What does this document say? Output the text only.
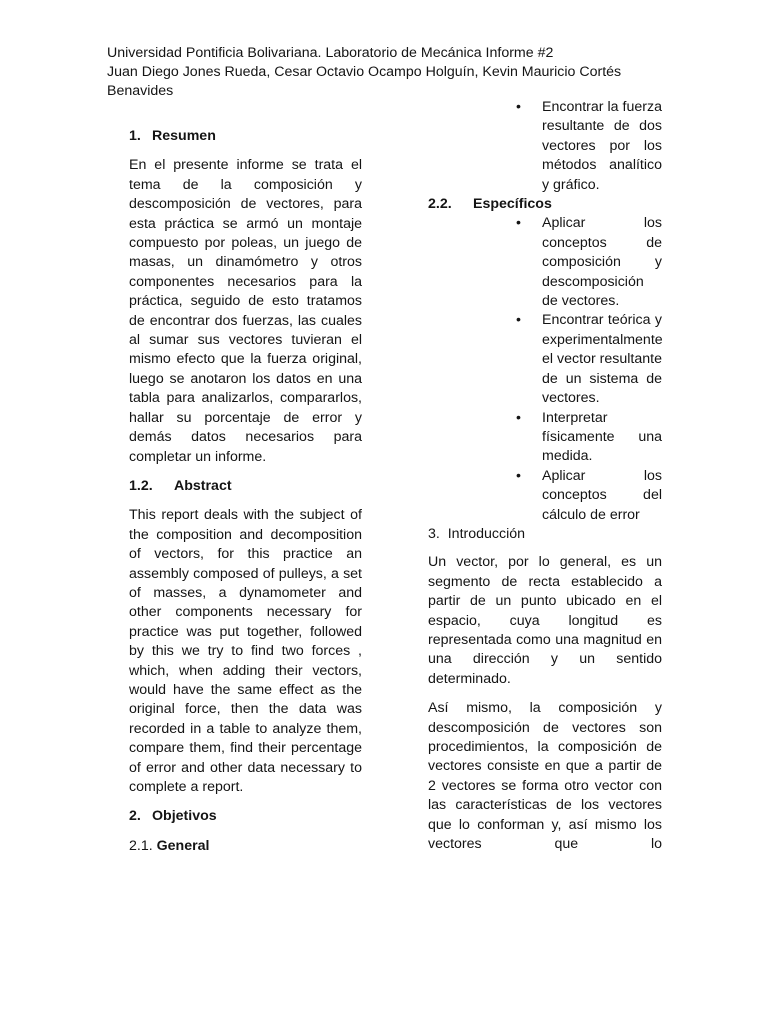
Universidad Pontificia Bolivariana. Laboratorio de Mecánica Informe #2
Juan Diego Jones Rueda, Cesar Octavio Ocampo Holguín, Kevin Mauricio Cortés
Benavides
1. Resumen

En el presente informe se trata el tema de la composición y descomposición de vectores, para esta práctica se armó un montaje compuesto por poleas, un juego de masas, un dinamómetro y otros componentes necesarios para la práctica, seguido de esto tratamos de encontrar dos fuerzas, las cuales al sumar sus vectores tuvieran el mismo efecto que la fuerza original, luego se anotaron los datos en una tabla para analizarlos, compararlos, hallar su porcentaje de error y demás datos necesarios para completar un informe.

1.2. Abstract

This report deals with the subject of the composition and decomposition of vectors, for this practice an assembly composed of pulleys, a set of masses, a dynamometer and other components necessary for practice was put together, followed by this we try to find two forces , which, when adding their vectors, would have the same effect as the original force, then the data was recorded in a table to analyze them, compare them, find their percentage of error and other data necessary to complete a report.

2. Objetivos
2.1. General
• Encontrar la fuerza resultante de dos vectores por los métodos analítico y gráfico.
2.2. Específicos
• Aplicar los conceptos de composición y descomposición de vectores.
• Encontrar teórica y experimentalmente el vector resultante de un sistema de vectores.
• Interpretar físicamente una medida.
• Aplicar los conceptos del cálculo de error
3. Introducción

Un vector, por lo general, es un segmento de recta establecido a partir de un punto ubicado en el espacio, cuya longitud es representada como una magnitud en una dirección y un sentido determinado.

Así mismo, la composición y descomposición de vectores son procedimientos, la composición de vectores consiste en que a partir de 2 vectores se forma otro vector con las características de los vectores que lo conforman y, así mismo los vectores que lo
